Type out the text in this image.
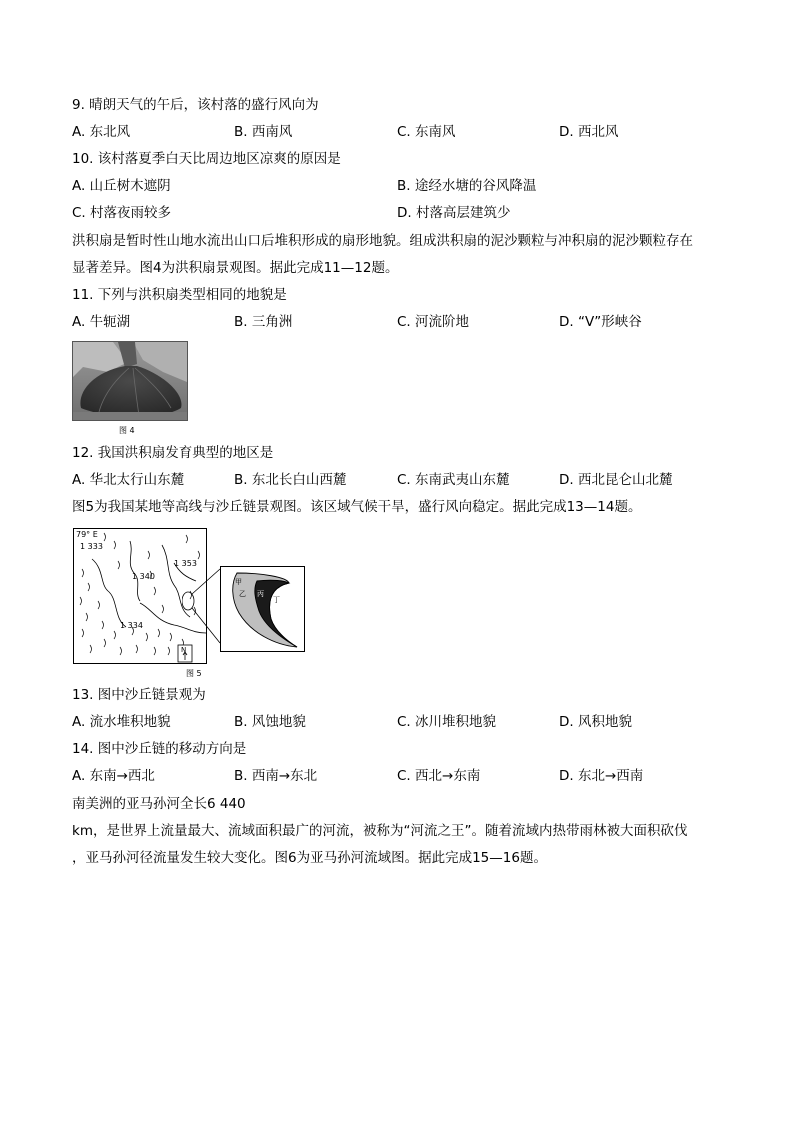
9. 晴朗天气的午后，该村落的盛行风向为
A. 东北风	B. 西南风	C. 东南风	D. 西北风
10. 该村落夏季白天比周边地区凉爽的原因是
A. 山丘树木遮阴	B. 途经水塘的谷风降温
C. 村落夜雨较多	D. 村落高层建筑少
洪积扇是暂时性山地水流出山口后堆积形成的扇形地貌。组成洪积扇的泥沙颗粒与冲积扇的泥沙颗粒存在
显著差异。图4为洪积扇景观图。据此完成11—12题。
11. 下列与洪积扇类型相同的地貌是
A. 牛轭湖	B. 三角洲	C. 河流阶地	D. “V”形峡谷
图 4
12. 我国洪积扇发育典型的地区是
A. 华北太行山东麓	B. 东北长白山西麓	C. 东南武夷山东麓	D. 西北昆仑山北麓
图5为我国某地等高线与沙丘链景观图。该区域气候干旱，盛行风向稳定。据此完成13—14题。
79° E
1 333
1 353
1 340
1 334
N
甲
乙 丙
丁
图 5
13. 图中沙丘链景观为
A. 流水堆积地貌	B. 风蚀地貌	C. 冰川堆积地貌	D. 风积地貌
14. 图中沙丘链的移动方向是
A. 东南→西北	B. 西南→东北	C. 西北→东南	D. 东北→西南
南美洲的亚马孙河全长6 440
km，是世界上流量最大、流域面积最广的河流，被称为“河流之王”。随着流域内热带雨林被大面积砍伐
，亚马孙河径流量发生较大变化。图6为亚马孙河流域图。据此完成15—16题。
